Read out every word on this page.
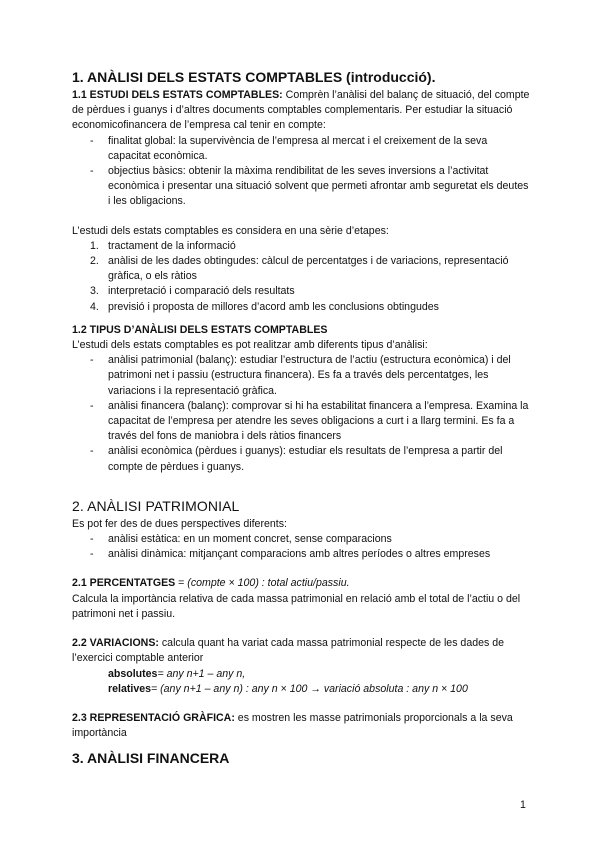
1. ANÀLISI DELS ESTATS COMPTABLES (introducció).

1.1 ESTUDI DELS ESTATS COMPTABLES: Comprèn l’anàlisi del balanç de situació, del compte de pèrdues i guanys i d’altres documents comptables complementaris. Per estudiar la situació economicofinancera de l’empresa cal tenir en compte:

- finalitat global: la supervivència de l’empresa al mercat i el creixement de la seva capacitat econòmica.
- objectius bàsics: obtenir la màxima rendibilitat de les seves inversions a l’activitat econòmica i presentar una situació solvent que permeti afrontar amb seguretat els deutes i les obligacions.

L’estudi dels estats comptables es considera en una sèrie d’etapes:

1. tractament de la informació
2. anàlisi de les dades obtingudes: càlcul de percentatges i de variacions, representació gràfica, o els ràtios
3. interpretació i comparació dels resultats
4. previsió i proposta de millores d’acord amb les conclusions obtingudes

1.2 TIPUS D’ANÀLISI DELS ESTATS COMPTABLES

L’estudi dels estats comptables es pot realitzar amb diferents tipus d’anàlisi:

- anàlisi patrimonial (balanç): estudiar l’estructura de l’actiu (estructura econòmica) i del patrimoni net i passiu (estructura financera). Es fa a través dels percentatges, les variacions i la representació gràfica.
- anàlisi financera (balanç): comprovar si hi ha estabilitat financera a l’empresa. Examina la capacitat de l’empresa per atendre les seves obligacions a curt i a llarg termini. Es fa a través del fons de maniobra i dels ràtios financers
- anàlisi econòmica (pèrdues i guanys): estudiar els resultats de l’empresa a partir del compte de pèrdues i guanys.
2. ANÀLISI PATRIMONIAL

Es pot fer des de dues perspectives diferents:

- anàlisi estàtica: en un moment concret, sense comparacions
- anàlisi dinàmica: mitjançant comparacions amb altres períodes o altres empreses

2.1 PERCENTATGES = (compte × 100) : total actiu/passiu.

Calcula la importància relativa de cada massa patrimonial en relació amb el total de l’actiu o del patrimoni net i passiu.

2.2 VARIACIONS: calcula quant ha variat cada massa patrimonial respecte de les dades de l’exercici comptable anterior

absolutes= any n+1 – any n,

relatives= (any n+1 – any n) : any n × 100 → variació absoluta : any n × 100

2.3 REPRESENTACIÓ GRÀFICA: es mostren les masse patrimonials proporcionals a la seva importància

3. ANÀLISI FINANCERA
1
